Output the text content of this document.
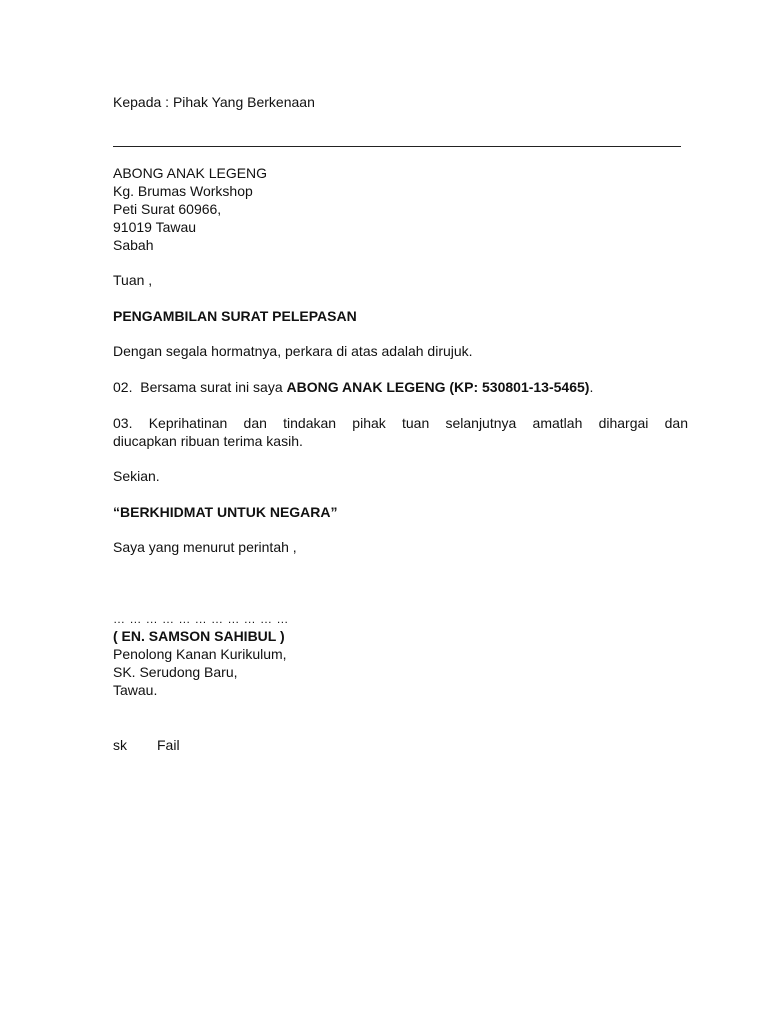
Kepada : Pihak Yang Berkenaan
ABONG ANAK LEGENG
Kg. Brumas Workshop
Peti Surat 60966,
91019 Tawau
Sabah
Tuan ,
PENGAMBILAN SURAT PELEPASAN
Dengan segala hormatnya, perkara di atas adalah dirujuk.
02.  Bersama surat ini saya ABONG ANAK LEGENG (KP: 530801-13-5465).
03. Keprihatinan dan tindakan pihak tuan selanjutnya amatlah dihargai dan
diucapkan ribuan terima kasih.
Sekian.
“BERKHIDMAT UNTUK NEGARA”
Saya yang menurut perintah ,
… … … … … … … … … … …
( EN. SAMSON SAHIBUL )
Penolong Kanan Kurikulum,
SK. Serudong Baru,
Tawau.
sk Fail
